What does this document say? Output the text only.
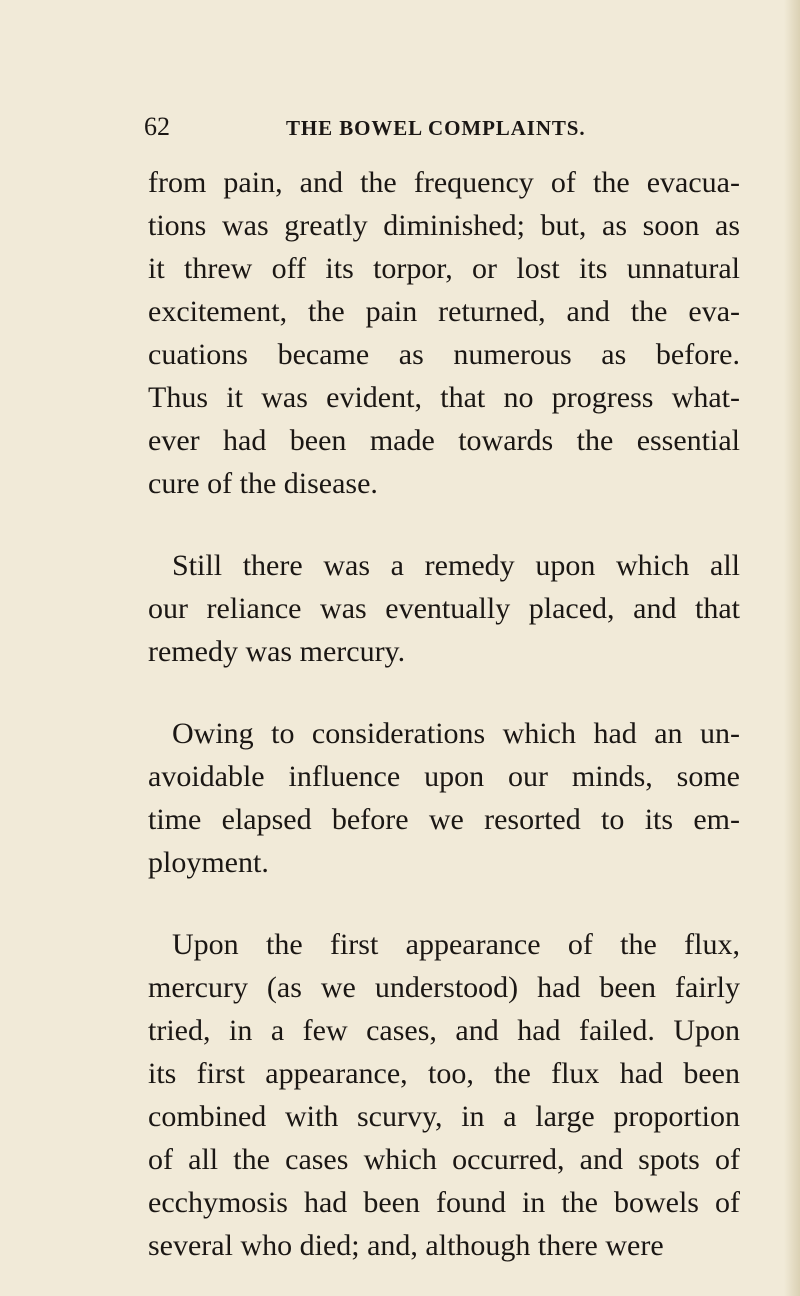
62	THE BOWEL COMPLAINTS.
from pain, and the frequency of the evacua-
tions was greatly diminished; but, as soon as
it threw off its torpor, or lost its unnatural
excitement, the pain returned, and the eva-
cuations became as numerous as before.
Thus it was evident, that no progress what-
ever had been made towards the essential
cure of the disease.
Still there was a remedy upon which all
our reliance was eventually placed, and that
remedy was mercury.
Owing to considerations which had an un-
avoidable influence upon our minds, some
time elapsed before we resorted to its em-
ployment.
Upon the first appearance of the flux,
mercury (as we understood) had been fairly
tried, in a few cases, and had failed. Upon
its first appearance, too, the flux had been
combined with scurvy, in a large proportion
of all the cases which occurred, and spots of
ecchymosis had been found in the bowels of
several who died; and, although there were
